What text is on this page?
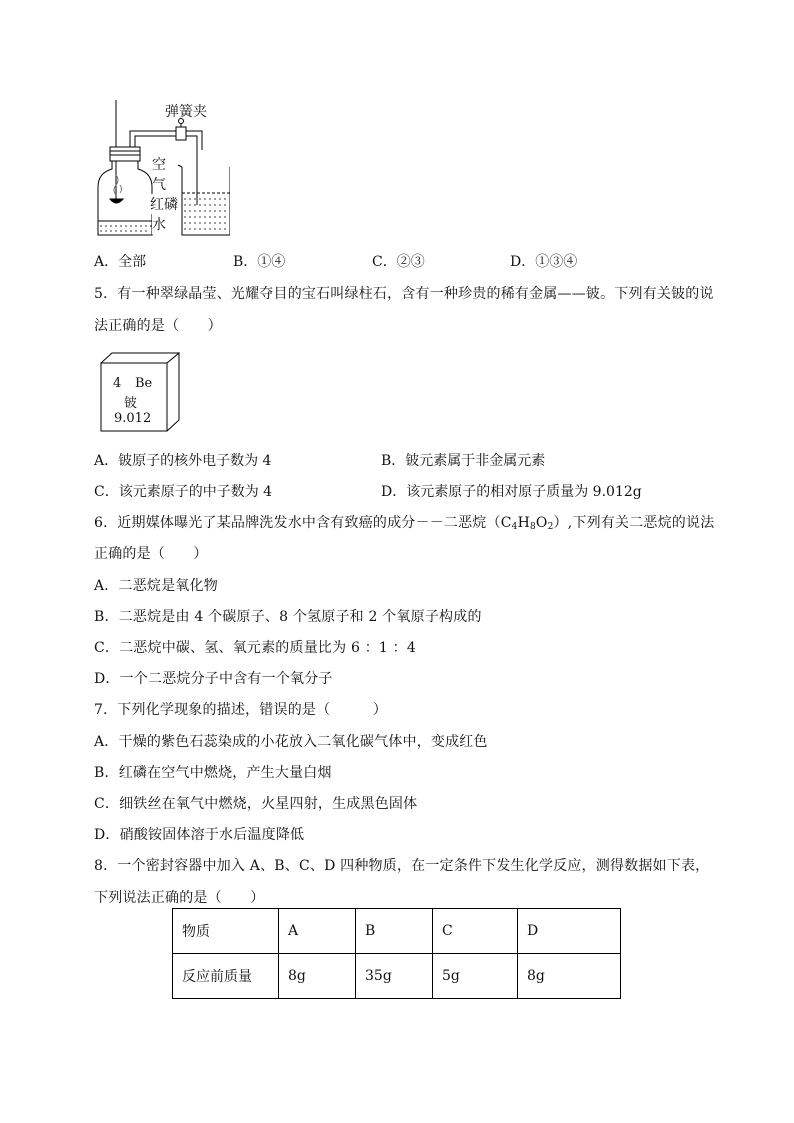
弹簧夹
空
气
红磷
水
A．全部	B．①④	C．②③	D．①③④
5．有一种翠绿晶莹、光耀夺目的宝石叫绿柱石，含有一种珍贵的稀有金属——铍。下列有关铍的说
法正确的是（　　）
4 Be
铍
9.012
A．铍原子的核外电子数为 4	B．铍元素属于非金属元素
C．该元素原子的中子数为 4	D．该元素原子的相对原子质量为 9.012g
6．近期媒体曝光了某品牌洗发水中含有致癌的成分－－二恶烷$(C_4H_8O_2)$,下列有关二恶烷的说法
正确的是（　　）
A．二恶烷是氧化物
B．二恶烷是由 4 个碳原子、8 个氢原子和 2 个氧原子构成的
C．二恶烷中碳、氢、氧元素的质量比为 6 ：1 ：4
D．一个二恶烷分子中含有一个氧分子
7．下列化学现象的描述，错误的是（　　　）
A．干燥的紫色石蕊染成的小花放入二氧化碳气体中，变成红色
B．红磷在空气中燃烧，产生大量白烟
C．细铁丝在氧气中燃烧，火星四射，生成黑色固体
D．硝酸铵固体溶于水后温度降低
8．一个密封容器中加入 A、B、C、D 四种物质，在一定条件下发生化学反应，测得数据如下表，
下列说法正确的是（　　）
物质	A	B	C	D
反应前质量	8g	35g	5g	8g
